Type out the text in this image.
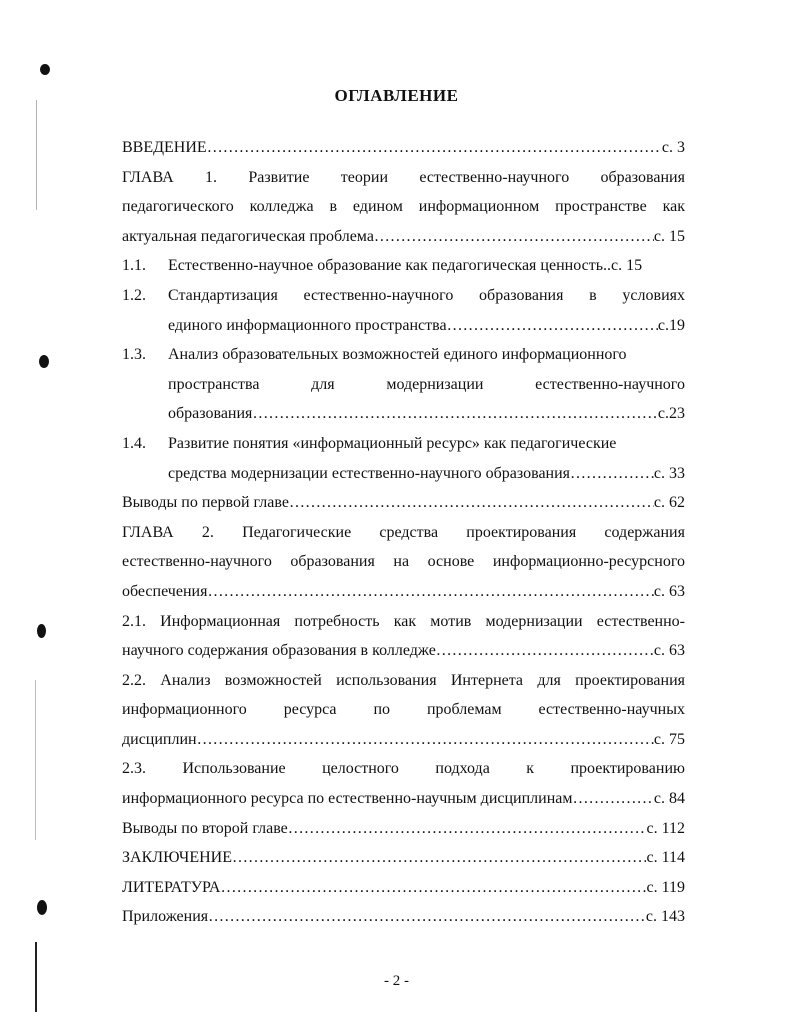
ОГЛАВЛЕНИЕ
ВВЕДЕНИЕ ……………………………………………………………………………………………………………………………………	с. 3
ГЛАВА 1. Развитие теории естественно-научного образования
педагогического колледжа в едином информационном пространстве как
актуальная педагогическая проблема ……………………………………………………………………………………………………………………………………	с. 15
1.1. Естественно-научное образование как педагогическая ценность..с. 15
1.2. Стандартизация естественно-научного образования в условиях
единого информационного пространства ……………………………………………………………………………………………………………………………………	с.19
1.3. Анализ образовательных возможностей единого информационного
пространства	для	модернизации	естественно-научного
образования ……………………………………………………………………………………………………………………………………	с.23
1.4. Развитие понятия «информационный ресурс» как педагогические
средства модернизации естественно-научного образования ……………………………………………………………………………………………………………………………………	с. 33
Выводы по первой главе ……………………………………………………………………………………………………………………………………	с. 62
ГЛАВА 2. Педагогические средства проектирования содержания
естественно-научного образования на основе информационно-ресурсного
обеспечения ……………………………………………………………………………………………………………………………………	с. 63
2.1. Информационная потребность как мотив модернизации естественно-
научного содержания образования в колледже ……………………………………………………………………………………………………………………………………	с. 63
2.2. Анализ возможностей использования Интернета для проектирования
информационного ресурса по проблемам естественно-научных
дисциплин ……………………………………………………………………………………………………………………………………	с. 75
2.3. Использование целостного подхода к проектированию
информационного ресурса по естественно-научным дисциплинам ……………………………………………………………………………………………………………………………………	с. 84
Выводы по второй главе ……………………………………………………………………………………………………………………………………	с. 112
ЗАКЛЮЧЕНИЕ ……………………………………………………………………………………………………………………………………	с. 114
ЛИТЕРАТУРА ……………………………………………………………………………………………………………………………………	с. 119
Приложения ……………………………………………………………………………………………………………………………………	с. 143
- 2 -
